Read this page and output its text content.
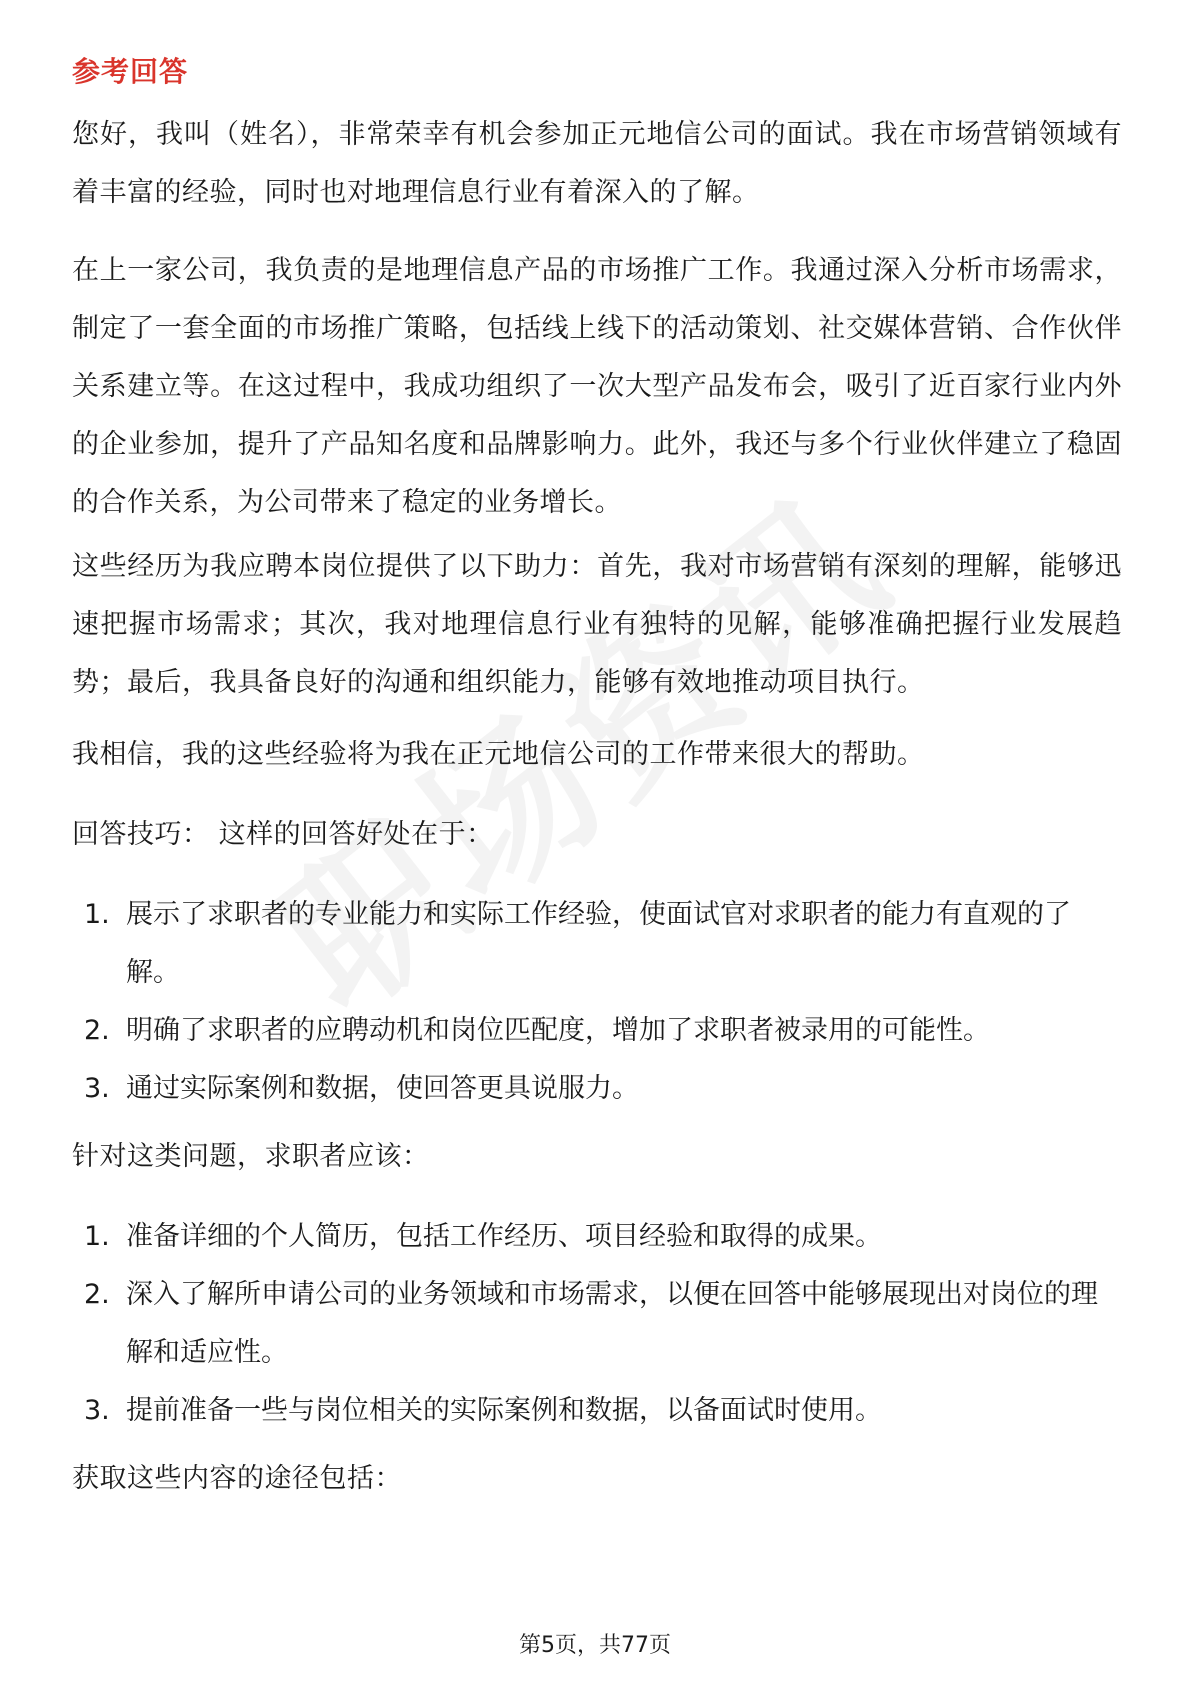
参考回答

您好，我叫（姓名），非常荣幸有机会参加正元地信公司的面试。我在市场营销领域有着丰富的经验，同时也对地理信息行业有着深入的了解。

在上一家公司，我负责的是地理信息产品的市场推广工作。我通过深入分析市场需求，制定了一套全面的市场推广策略，包括线上线下的活动策划、社交媒体营销、合作伙伴关系建立等。在这过程中，我成功组织了一次大型产品发布会，吸引了近百家行业内外的企业参加，提升了产品知名度和品牌影响力。此外，我还与多个行业伙伴建立了稳固的合作关系，为公司带来了稳定的业务增长。

这些经历为我应聘本岗位提供了以下助力：首先，我对市场营销有深刻的理解，能够迅速把握市场需求；其次，我对地理信息行业有独特的见解，能够准确把握行业发展趋势；最后，我具备良好的沟通和组织能力，能够有效地推动项目执行。

我相信，我的这些经验将为我在正元地信公司的工作带来很大的帮助。

回答技巧： 这样的回答好处在于：

1. 展示了求职者的专业能力和实际工作经验，使面试官对求职者的能力有直观的了解。
2. 明确了求职者的应聘动机和岗位匹配度，增加了求职者被录用的可能性。
3. 通过实际案例和数据，使回答更具说服力。

针对这类问题，求职者应该：

1. 准备详细的个人简历，包括工作经历、项目经验和取得的成果。
2. 深入了解所申请公司的业务领域和市场需求，以便在回答中能够展现出对岗位的理解和适应性。
3. 提前准备一些与岗位相关的实际案例和数据，以备面试时使用。

获取这些内容的途径包括：

第5页，共77页
